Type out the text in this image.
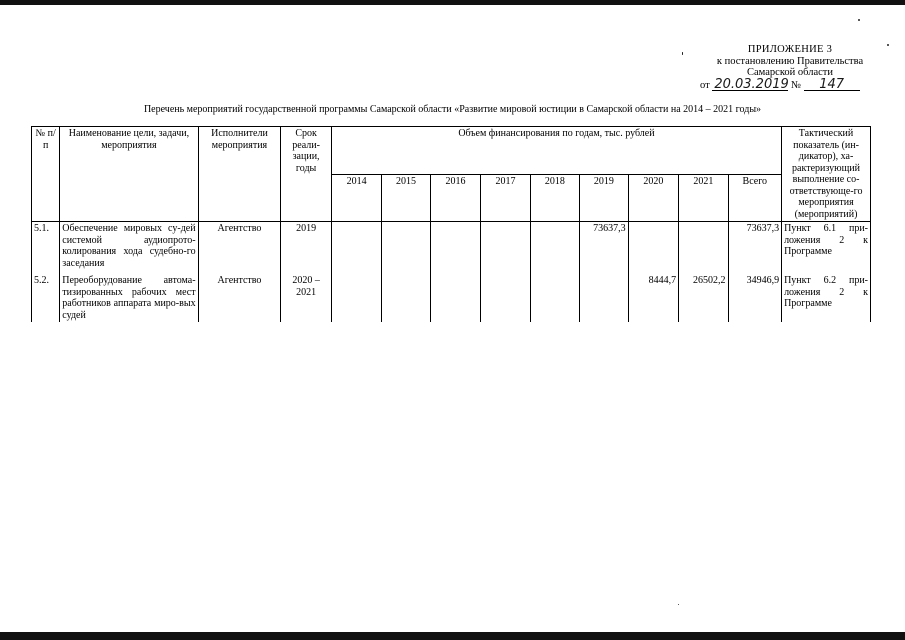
ПРИЛОЖЕНИЕ 3
к постановлению Правительства
Самарской области
от 20.03.2019 № 147
Перечень мероприятий государственной программы Самарской области «Развитие мировой юстиции в Самарской области на 2014 – 2021 годы»
№ п/п	Наименование цели, задачи, мероприятия	Исполнители мероприятия	Срок реали-зации, годы	Объем финансирования по годам, тыс. рублей									Тактический показатель (ин-дикатор), ха-рактеризующий выполнение со-ответствующе-го мероприятия (мероприятий)
				2014	2015	2016	2017	2018	2019	2020	2021	Всего	
5.1.	Обеспечение мировых су-дей системой аудиопрото-колирования хода судебно-го заседания	Агентство	2019						73637,3			73637,3	Пункт 6.1 при-ложения 2 к Программе
5.2.	Переоборудование автома-тизированных рабочих мест работников аппарата миро-вых судей	Агентство	2020 – 2021							8444,7	26502,2	34946,9	Пункт 6.2 при-ложения 2 к Программе
